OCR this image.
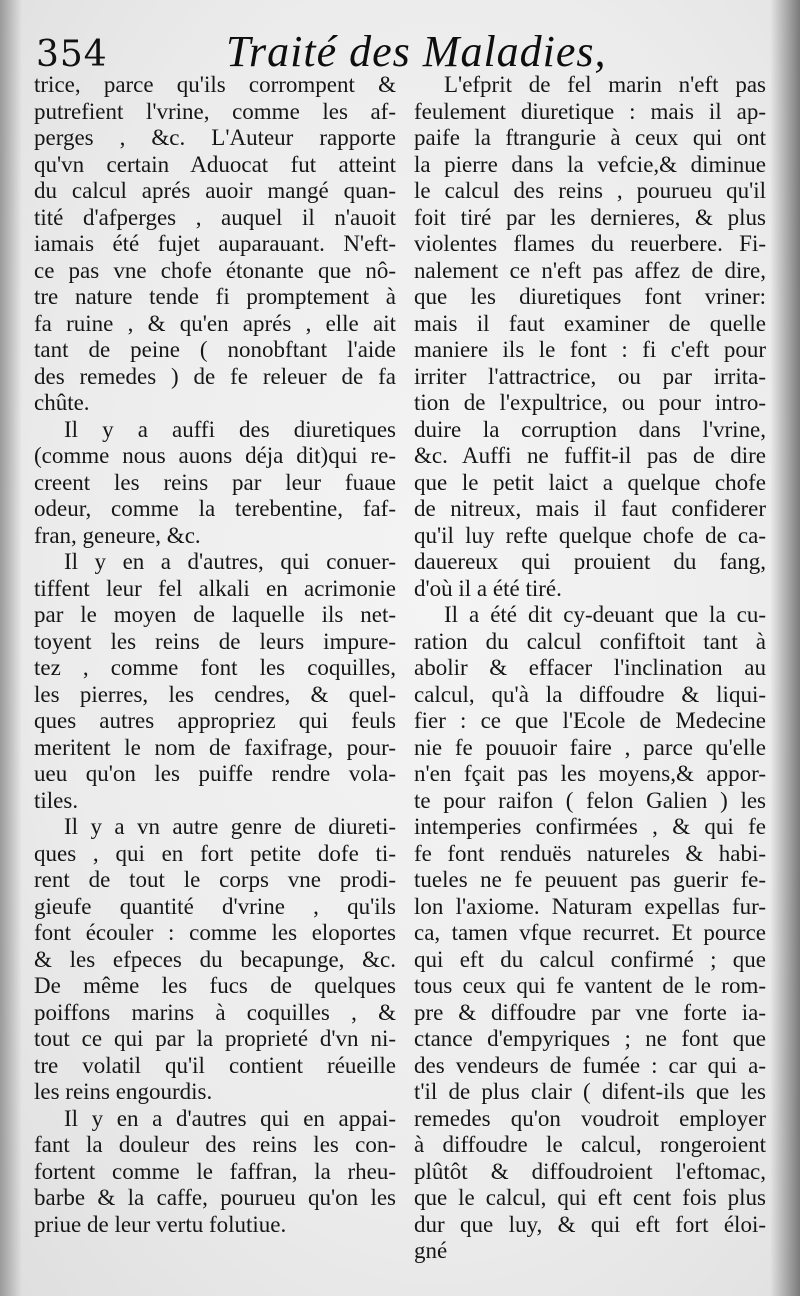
354	Traité des Maladies,
trice, parce qu'ils corrompent &
putrefient l'vrine, comme les af-
perges , &c. L'Auteur rapporte
qu'vn certain Aduocat fut atteint
du calcul aprés auoir mangé quan-
tité d'afperges , auquel il n'auoit
iamais été fujet auparauant. N'eft-
ce pas vne chofe étonante que nô-
tre nature tende fi promptement à
fa ruine , & qu'en aprés , elle ait
tant de peine ( nonobftant l'aide
des remedes ) de fe releuer de fa
chûte.
Il y a auffi des diuretiques
(comme nous auons déja dit)qui re-
creent les reins par leur fuaue
odeur, comme la terebentine, faf-
fran, geneure, &c.
Il y en a d'autres, qui conuer-
tiffent leur fel alkali en acrimonie
par le moyen de laquelle ils net-
toyent les reins de leurs impure-
tez , comme font les coquilles,
les pierres, les cendres, & quel-
ques autres appropriez qui feuls
meritent le nom de faxifrage, pour-
ueu qu'on les puiffe rendre vola-
tiles.
Il y a vn autre genre de diureti-
ques , qui en fort petite dofe ti-
rent de tout le corps vne prodi-
gieufe quantité d'vrine , qu'ils
font écouler : comme les eloportes
& les efpeces du becapunge, &c.
De même les fucs de quelques
poiffons marins à coquilles , &
tout ce qui par la proprieté d'vn ni-
tre volatil qu'il contient réueille
les reins engourdis.
Il y en a d'autres qui en appai-
fant la douleur des reins les con-
fortent comme le faffran, la rheu-
barbe & la caffe, pourueu qu'on les
priue de leur vertu folutiue.
L'efprit de fel marin n'eft pas
feulement diuretique : mais il ap-
paife la ftrangurie à ceux qui ont
la pierre dans la vefcie,& diminue
le calcul des reins , pourueu qu'il
foit tiré par les dernieres, & plus
violentes flames du reuerbere. Fi-
nalement ce n'eft pas affez de dire,
que les diuretiques font vriner:
mais il faut examiner de quelle
maniere ils le font : fi c'eft pour
irriter l'attractrice, ou par irrita-
tion de l'expultrice, ou pour intro-
duire la corruption dans l'vrine,
&c. Auffi ne fuffit-il pas de dire
que le petit laict a quelque chofe
de nitreux, mais il faut confiderer
qu'il luy refte quelque chofe de ca-
dauereux qui prouient du fang,
d'où il a été tiré.
Il a été dit cy-deuant que la cu-
ration du calcul confiftoit tant à
abolir & effacer l'inclination au
calcul, qu'à la diffoudre & liqui-
fier : ce que l'Ecole de Medecine
nie fe pouuoir faire , parce qu'elle
n'en fçait pas les moyens,& appor-
te pour raifon ( felon Galien ) les
intemperies confirmées , & qui fe
fe font renduës natureles & habi-
tueles ne fe peuuent pas guerir fe-
lon l'axiome. Naturam expellas fur-
ca, tamen vfque recurret. Et pource
qui eft du calcul confirmé ; que
tous ceux qui fe vantent de le rom-
pre & diffoudre par vne forte ia-
ctance d'empyriques ; ne font que
des vendeurs de fumée : car qui a-
t'il de plus clair ( difent-ils que les
remedes qu'on voudroit employer
à diffoudre le calcul, rongeroient
plûtôt & diffoudroient l'eftomac,
que le calcul, qui eft cent fois plus
dur que luy, & qui eft fort éloi-
gné
